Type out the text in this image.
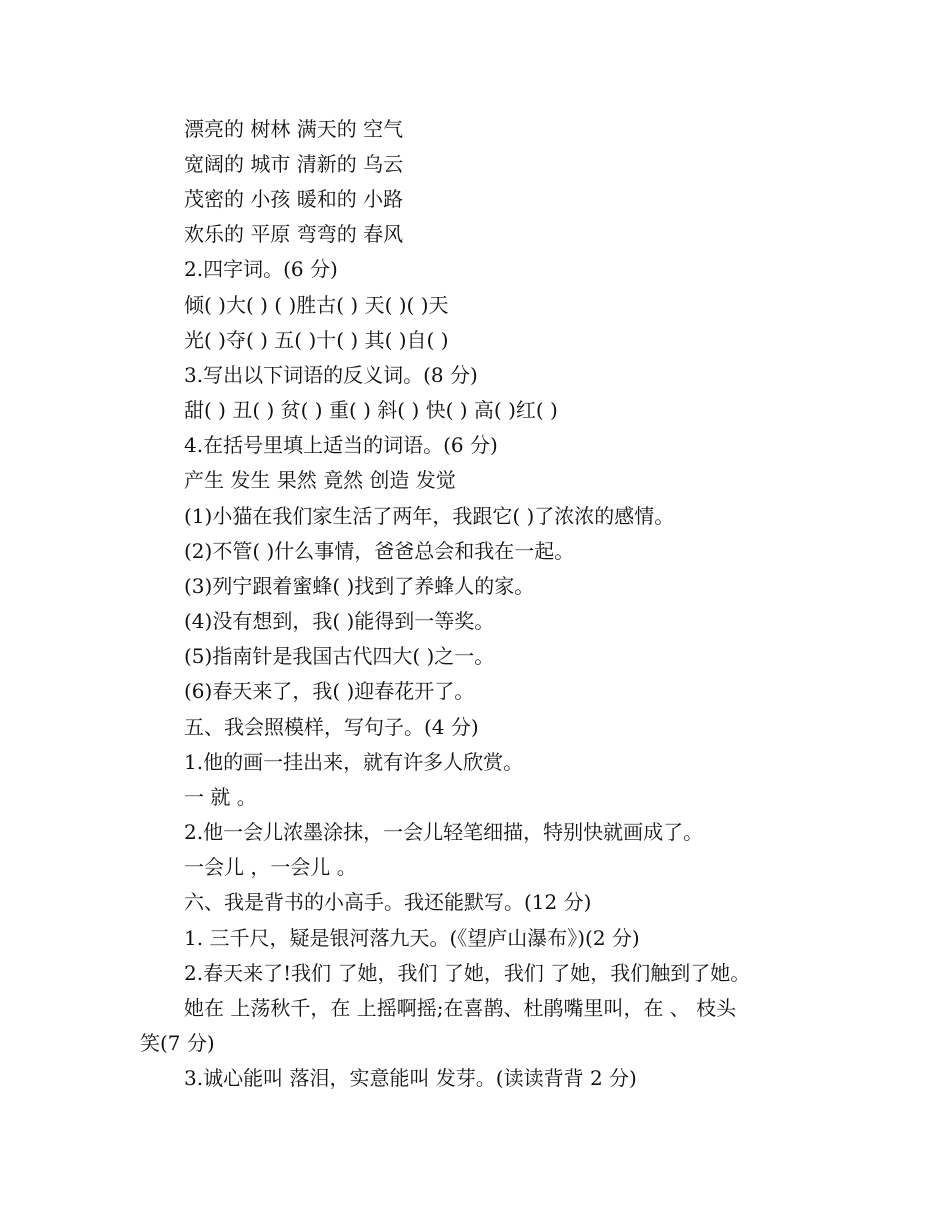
漂亮的 树林 满天的 空气
宽阔的 城市 清新的 乌云
茂密的 小孩 暖和的 小路
欢乐的 平原 弯弯的 春风
2.四字词。(6 分)
倾( )大( ) ( )胜古( ) 天( )( )天
光( )夺( ) 五( )十( ) 其( )自( )
3.写出以下词语的反义词。(8 分)
甜( ) 丑( ) 贫( ) 重( ) 斜( ) 快( ) 高( )红( )
4.在括号里填上适当的词语。(6 分)
产生 发生 果然 竟然 创造 发觉
(1)小猫在我们家生活了两年，我跟它( )了浓浓的感情。
(2)不管( )什么事情，爸爸总会和我在一起。
(3)列宁跟着蜜蜂( )找到了养蜂人的家。
(4)没有想到，我( )能得到一等奖。
(5)指南针是我国古代四大( )之一。
(6)春天来了，我( )迎春花开了。
五、我会照模样，写句子。(4 分)
1.他的画一挂出来，就有许多人欣赏。
一 就 。
2.他一会儿浓墨涂抹，一会儿轻笔细描，特别快就画成了。
一会儿 ，一会儿 。
六、我是背书的小高手。我还能默写。(12 分)
1. 三千尺，疑是银河落九天。(《望庐山瀑布》)(2 分)
2.春天来了!我们 了她，我们 了她，我们 了她，我们触到了她。
她在 上荡秋千，在 上摇啊摇;在喜鹊、杜鹃嘴里叫，在 、 枝头
笑(7 分)
3.诚心能叫 落泪，实意能叫 发芽。(读读背背 2 分)
